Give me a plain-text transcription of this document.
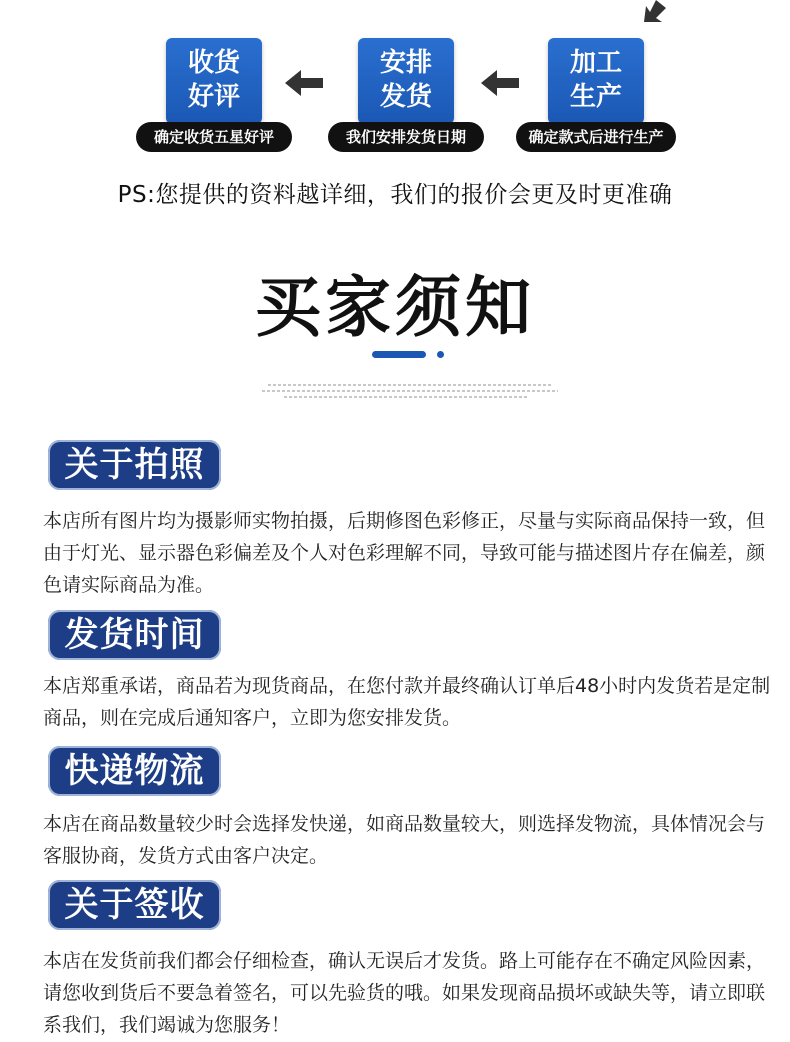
收货
好评
确定收货五星好评
安排
发货
我们安排发货日期
加工
生产
确定款式后进行生产
PS:您提供的资料越详细，我们的报价会更及时更准确
买家须知
关于拍照
本店所有图片均为摄影师实物拍摄，后期修图色彩修正，尽量与实际商品保持一致，但由于灯光、显示器色彩偏差及个人对色彩理解不同，导致可能与描述图片存在偏差，颜色请实际商品为准。
发货时间
本店郑重承诺，商品若为现货商品，在您付款并最终确认订单后48小时内发货若是定制商品，则在完成后通知客户，立即为您安排发货。
快递物流
本店在商品数量较少时会选择发快递，如商品数量较大，则选择发物流，具体情况会与客服协商，发货方式由客户决定。
关于签收
本店在发货前我们都会仔细检查，确认无误后才发货。路上可能存在不确定风险因素，请您收到货后不要急着签名，可以先验货的哦。如果发现商品损坏或缺失等，请立即联系我们，我们竭诚为您服务！
